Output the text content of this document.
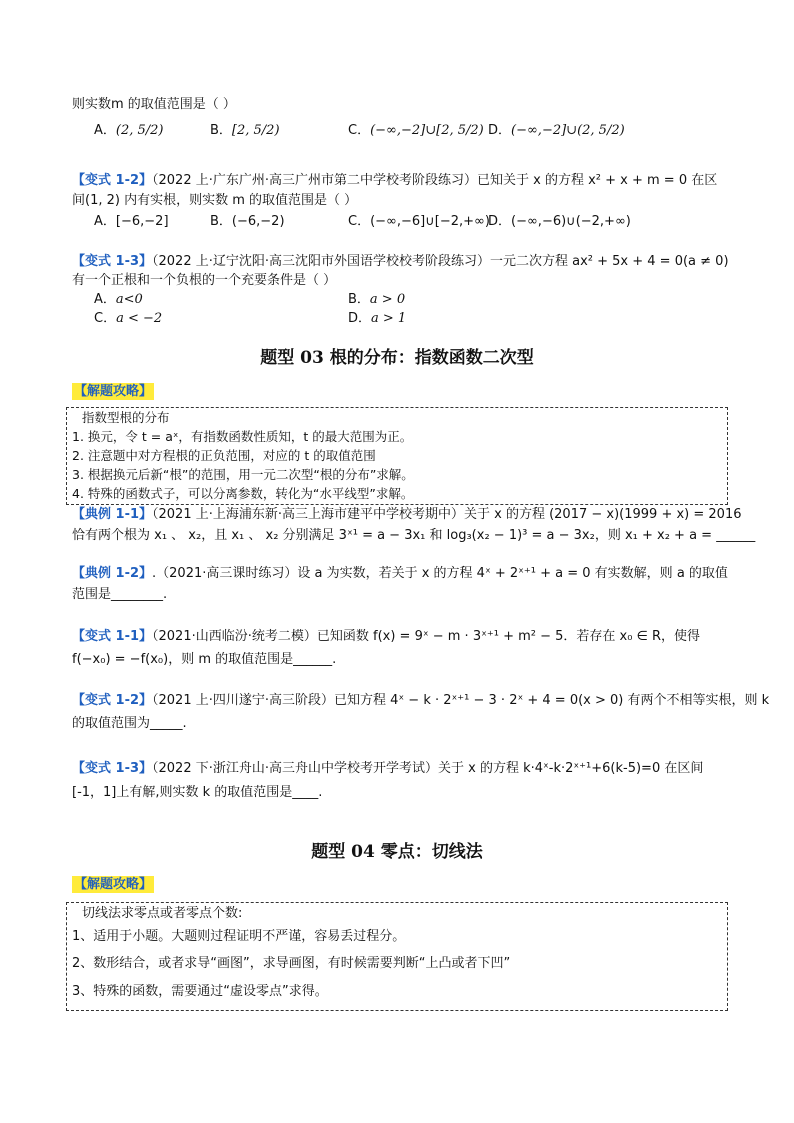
则实数m 的取值范围是（ ）
A．(2, 5/2)	B．[2, 5/2)	C．(−∞,−2]∪[2, 5/2) D．(−∞,−2]∪(2, 5/2)
【变式 1-2】（2022 上·广东广州·高三广州市第二中学校考阶段练习）已知关于 x 的方程 x² + x + m = 0 在区
间(1, 2) 内有实根，则实数 m 的取值范围是（ ）
A．[−6,−2]	B．(−6,−2)	C．(−∞,−6]∪[−2,+∞)
D．(−∞,−6)∪(−2,+∞)
【变式 1-3】（2022 上·辽宁沈阳·高三沈阳市外国语学校校考阶段练习）一元二次方程 ax² + 5x + 4 = 0(a ≠ 0)
有一个正根和一个负根的一个充要条件是（ ）
A．a<0	B．a > 0
C．a < −2	D．a > 1
题型 03 根的分布：指数函数二次型
【解题攻略】
指数型根的分布
1. 换元，令 t = aˣ，有指数函数性质知，t 的最大范围为正。
2. 注意题中对方程根的正负范围，对应的 t 的取值范围
3. 根据换元后新“根”的范围，用一元二次型“根的分布”求解。
4. 特殊的函数式子，可以分离参数，转化为“水平线型”求解。
【典例 1-1】（2021 上·上海浦东新·高三上海市建平中学校考期中）关于 x 的方程 (2017 − x)(1999 + x) = 2016
恰有两个根为 x₁ 、 x₂，且 x₁ 、 x₂ 分别满足 3ˣ¹ = a − 3x₁ 和 log₃(x₂ − 1)³ = a − 3x₂，则 x₁ + x₂ + a = ______
【典例 1-2】.（2021·高三课时练习）设 a 为实数，若关于 x 的方程 4ˣ + 2ˣ⁺¹ + a = 0 有实数解，则 a 的取值
范围是________.
【变式 1-1】（2021·山西临汾·统考二模）已知函数 f(x) = 9ˣ − m · 3ˣ⁺¹ + m² − 5．若存在 x₀ ∈ R，使得
f(−x₀) = −f(x₀)，则 m 的取值范围是______.
【变式 1-2】（2021 上·四川遂宁·高三阶段）已知方程 4ˣ − k · 2ˣ⁺¹ − 3 · 2ˣ + 4 = 0(x > 0) 有两个不相等实根，则 k
的取值范围为_____.
【变式 1-3】（2022 下·浙江舟山·高三舟山中学校考开学考试）关于 x 的方程 k·4ˣ-k·2ˣ⁺¹+6(k-5)=0 在区间
[-1，1]上有解,则实数 k 的取值范围是____.
题型 04 零点：切线法
【解题攻略】
切线法求零点或者零点个数:
1、适用于小题。大题则过程证明不严谨，容易丢过程分。
2、数形结合，或者求导“画图”，求导画图，有时候需要判断“上凸或者下凹”
3、特殊的函数，需要通过“虚设零点”求得。
